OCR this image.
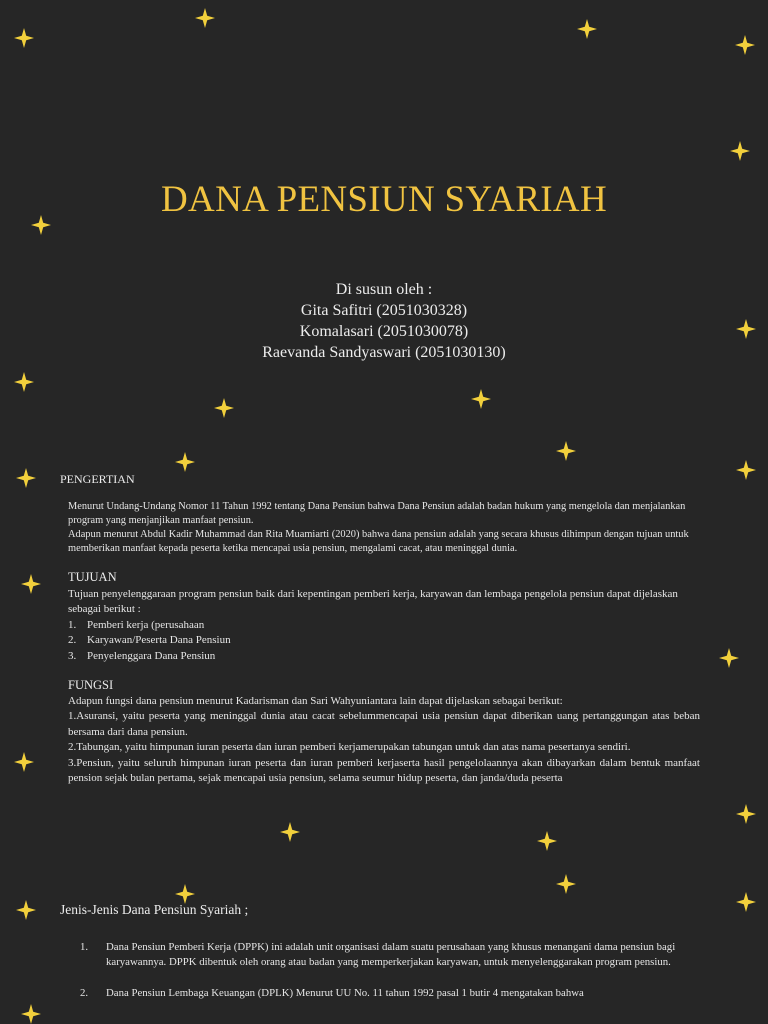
DANA PENSIUN SYARIAH
Di susun oleh :
Gita Safitri (2051030328)
Komalasari (2051030078)
Raevanda Sandyaswari (2051030130)
PENGERTIAN

Menurut Undang-Undang Nomor 11 Tahun 1992 tentang Dana Pensiun bahwa Dana Pensiun adalah badan hukum yang mengelola dan menjalankan program yang menjanjikan manfaat pensiun.

Adapun menurut Abdul Kadir Muhammad dan Rita Muamiarti (2020) bahwa dana pensiun adalah yang secara khusus dihimpun dengan tujuan untuk memberikan manfaat kepada peserta ketika mencapai usia pensiun, mengalami cacat, atau meninggal dunia.

TUJUAN

Tujuan penyelenggaraan program pensiun baik dari kepentingan pemberi kerja, karyawan dan lembaga pengelola pensiun dapat dijelaskan sebagai berikut :

1. Pemberi kerja (perusahaan
2. Karyawan/Peserta Dana Pensiun
3. Penyelenggara Dana Pensiun
FUNGSI

Adapun fungsi dana pensiun menurut Kadarisman dan Sari Wahyuniantara lain dapat dijelaskan sebagai berikut:

1.Asuransi, yaitu peserta yang meninggal dunia atau cacat sebelummencapai usia pensiun dapat diberikan uang pertanggungan atas beban bersama dari dana pensiun.

2.Tabungan, yaitu himpunan iuran peserta dan iuran pemberi kerjamerupakan tabungan untuk dan atas nama pesertanya sendiri.

3.Pensiun, yaitu seluruh himpunan iuran peserta dan iuran pemberi kerjaserta hasil pengelolaannya akan dibayarkan dalam bentuk manfaat pension sejak bulan pertama, sejak mencapai usia pensiun, selama seumur hidup peserta, dan janda/duda peserta

Jenis-Jenis Dana Pensiun Syariah ;
1.	Dana Pensiun Pemberi Kerja (DPPK) ini adalah unit organisasi dalam suatu perusahaan yang khusus menangani dama pensiun bagi karyawannya. DPPK dibentuk oleh orang atau badan yang memperkerjakan karyawan, untuk menyelenggarakan program pensiun.
2.	Dana Pensiun Lembaga Keuangan (DPLK) Menurut UU No. 11 tahun 1992 pasal 1 butir 4 mengatakan bahwa
